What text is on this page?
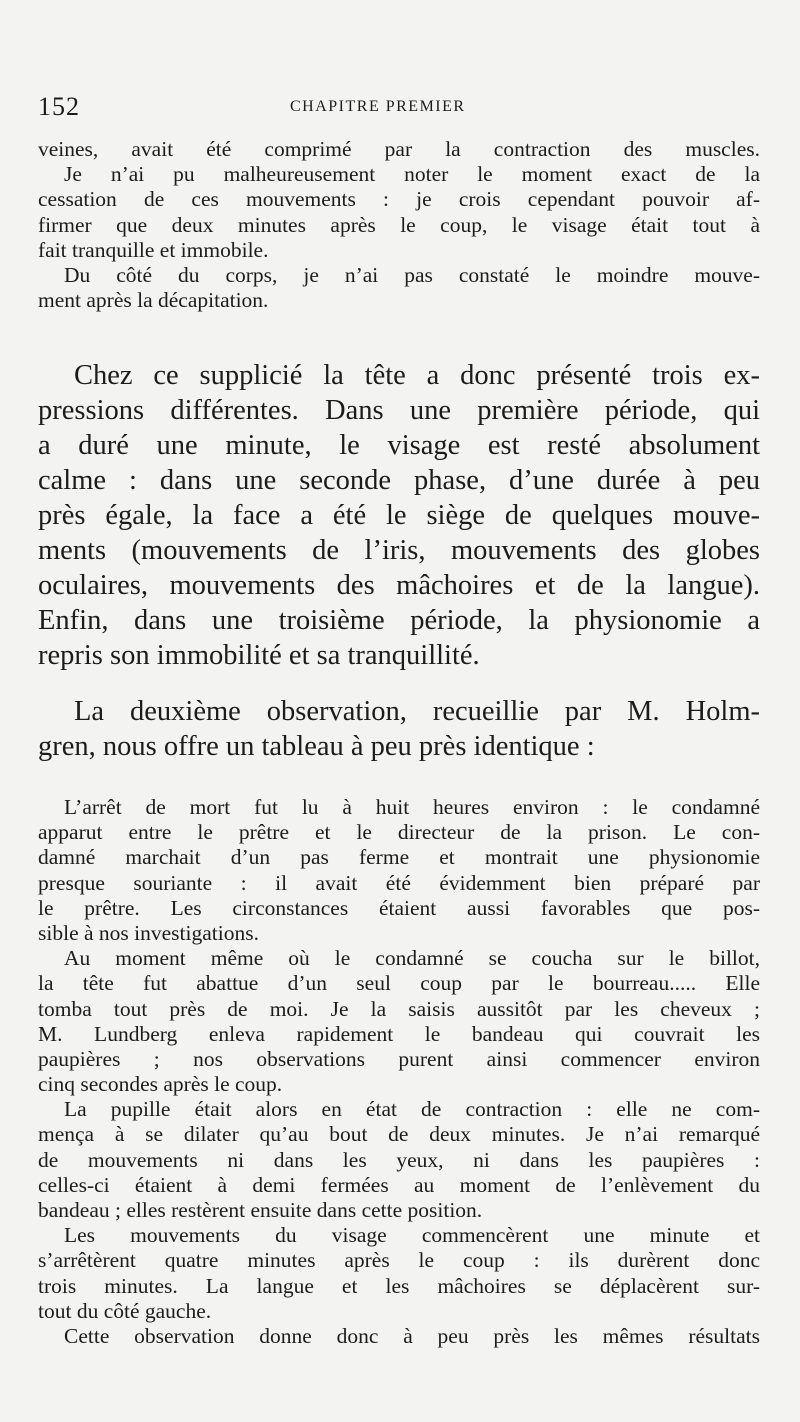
152	CHAPITRE PREMIER
veines, avait été comprimé par la contraction des muscles.
Je n’ai pu malheureusement noter le moment exact de la
cessation de ces mouvements : je crois cependant pouvoir af-
firmer que deux minutes après le coup, le visage était tout à
fait tranquille et immobile.
Du côté du corps, je n’ai pas constaté le moindre mouve-
ment après la décapitation.
Chez ce supplicié la tête a donc présenté trois ex-
pressions différentes. Dans une première période, qui
a duré une minute, le visage est resté absolument
calme : dans une seconde phase, d’une durée à peu
près égale, la face a été le siège de quelques mouve-
ments (mouvements de l’iris, mouvements des globes
oculaires, mouvements des mâchoires et de la langue).
Enfin, dans une troisième période, la physionomie a
repris son immobilité et sa tranquillité.
La deuxième observation, recueillie par M. Holm-
gren, nous offre un tableau à peu près identique :
L’arrêt de mort fut lu à huit heures environ : le condamné
apparut entre le prêtre et le directeur de la prison. Le con-
damné marchait d’un pas ferme et montrait une physionomie
presque souriante : il avait été évidemment bien préparé par
le prêtre. Les circonstances étaient aussi favorables que pos-
sible à nos investigations.
Au moment même où le condamné se coucha sur le billot,
la tête fut abattue d’un seul coup par le bourreau..... Elle
tomba tout près de moi. Je la saisis aussitôt par les cheveux ;
M. Lundberg enleva rapidement le bandeau qui couvrait les
paupières ; nos observations purent ainsi commencer environ
cinq secondes après le coup.
La pupille était alors en état de contraction : elle ne com-
mença à se dilater qu’au bout de deux minutes. Je n’ai remarqué
de mouvements ni dans les yeux, ni dans les paupières :
celles-ci étaient à demi fermées au moment de l’enlèvement du
bandeau ; elles restèrent ensuite dans cette position.
Les mouvements du visage commencèrent une minute et
s’arrêtèrent quatre minutes après le coup : ils durèrent donc
trois minutes. La langue et les mâchoires se déplacèrent sur-
tout du côté gauche.
Cette observation donne donc à peu près les mêmes résultats
